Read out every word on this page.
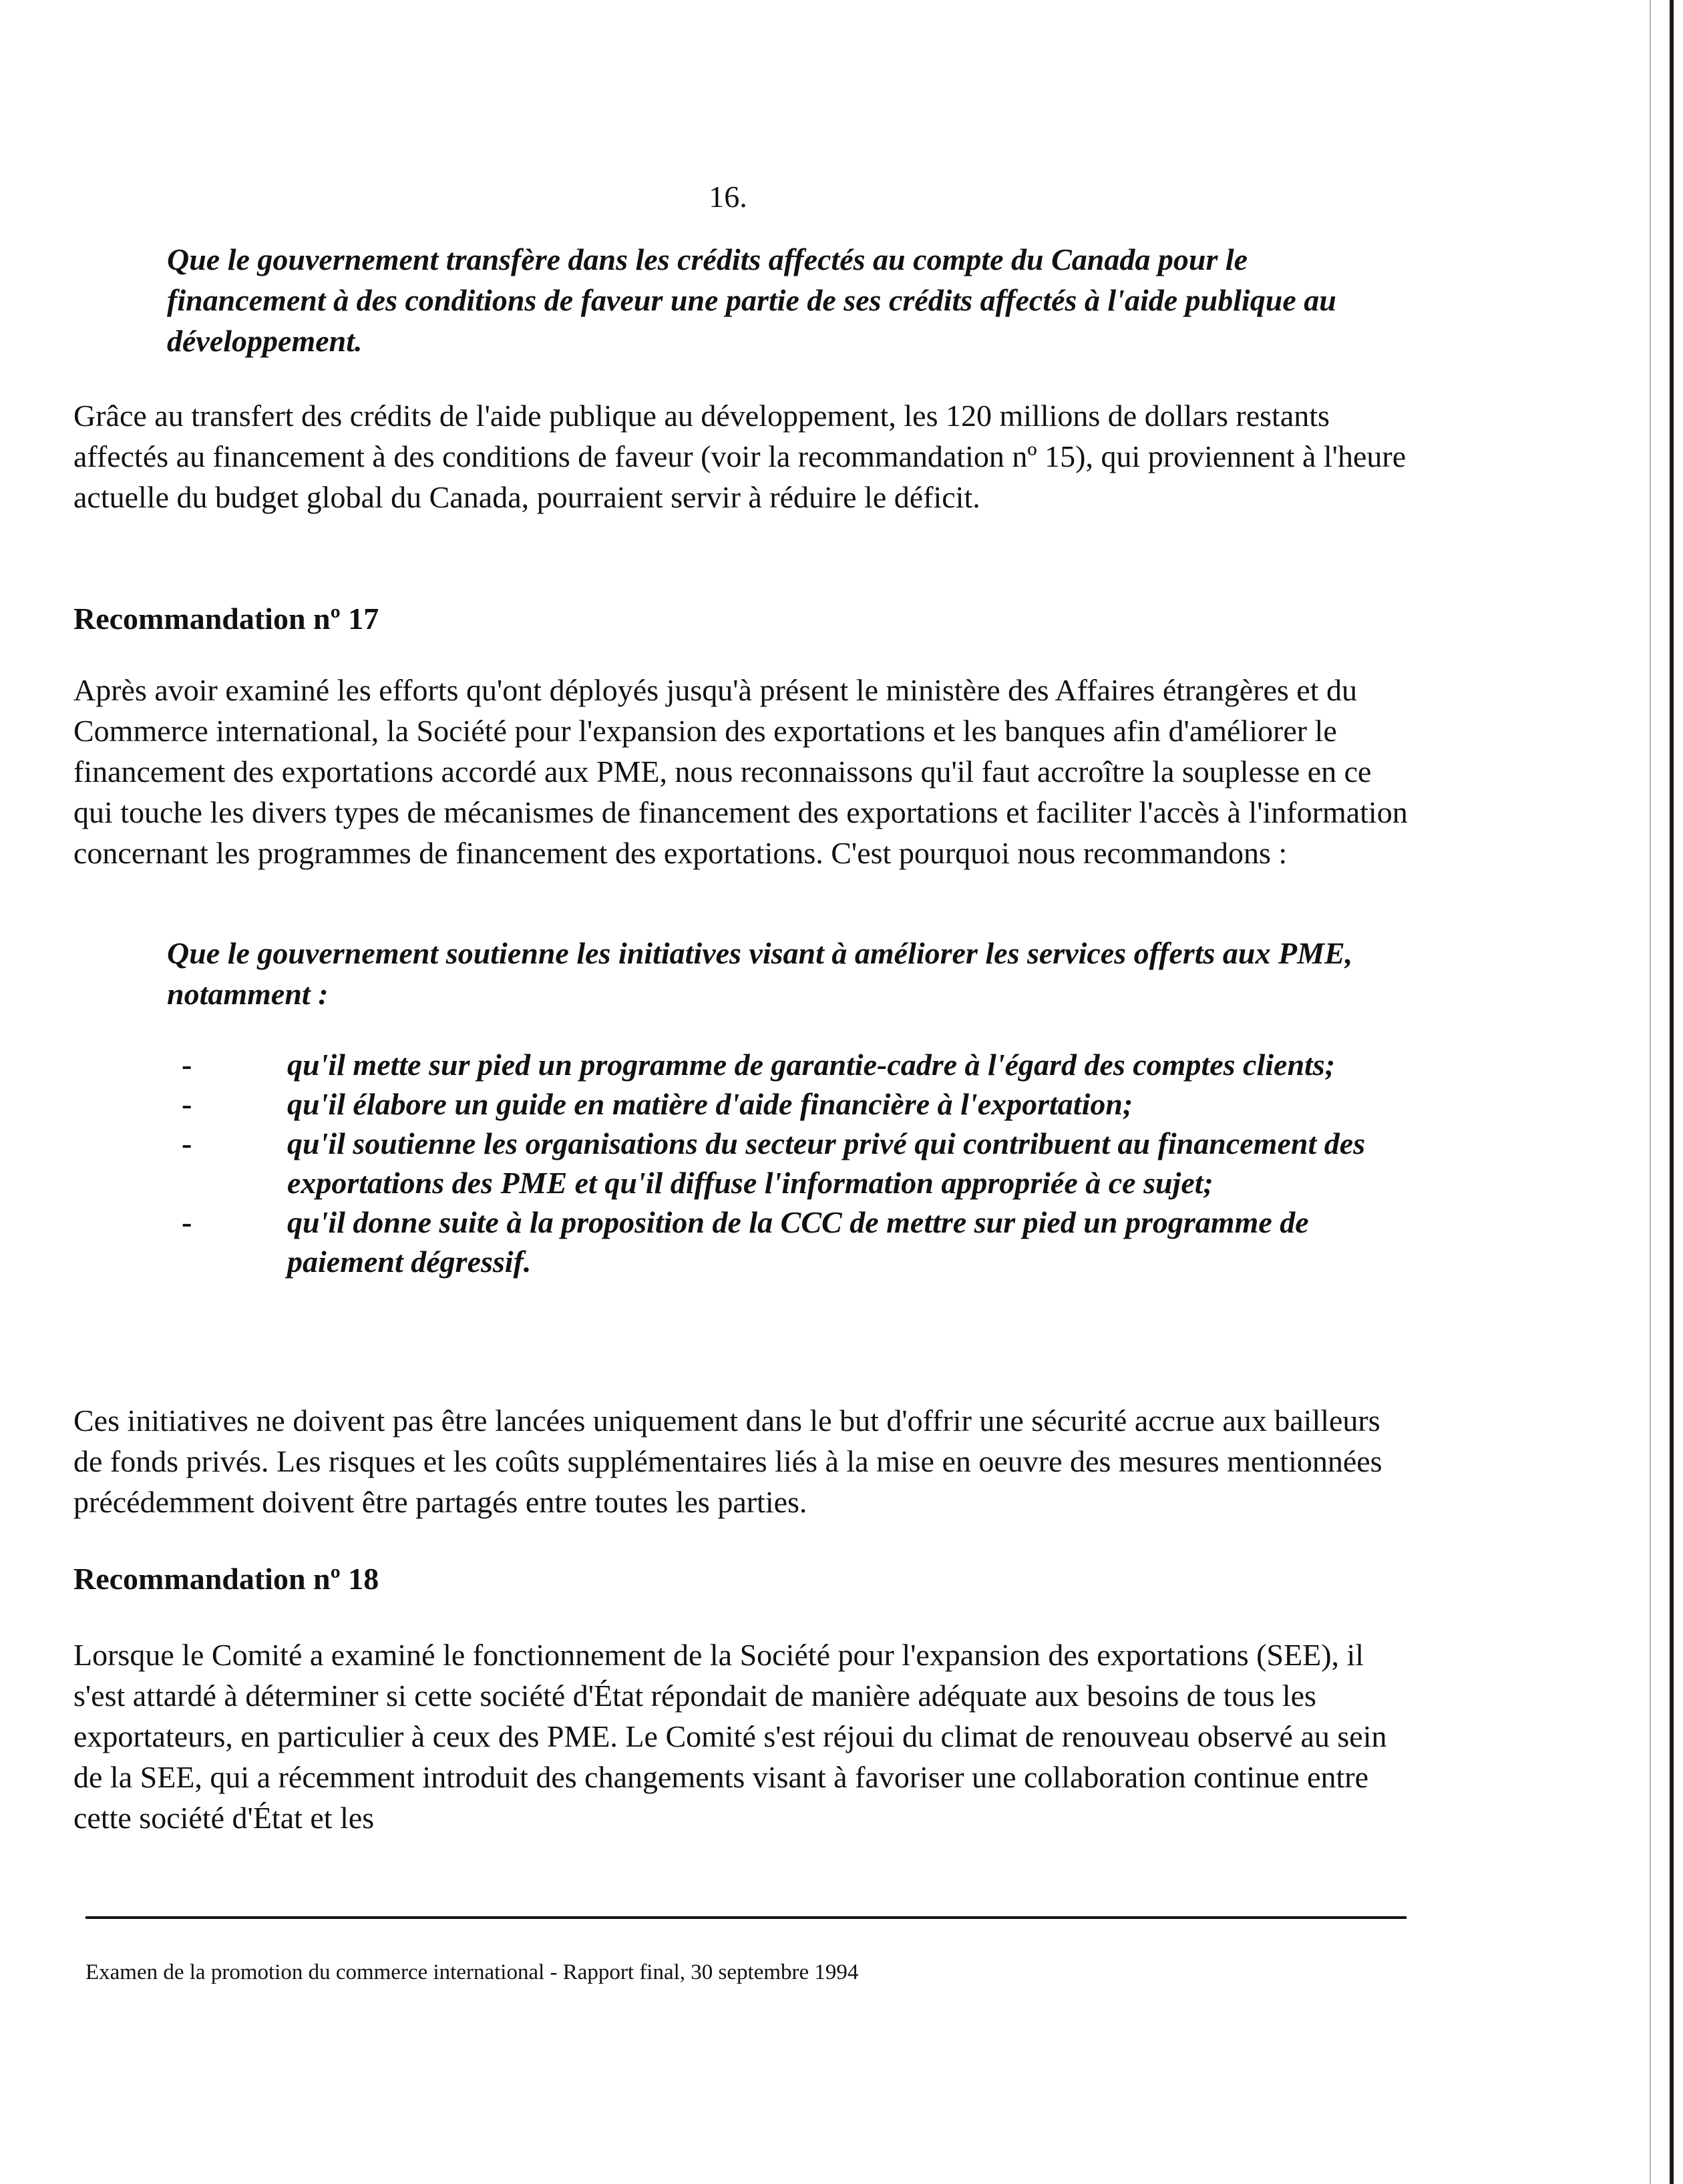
16.

Que le gouvernement transfère dans les crédits affectés au compte du Canada pour le financement à des conditions de faveur une partie de ses crédits affectés à l'aide publique au développement.

Grâce au transfert des crédits de l'aide publique au développement, les 120 millions de dollars restants affectés au financement à des conditions de faveur (voir la recommandation nº 15), qui proviennent à l'heure actuelle du budget global du Canada, pourraient servir à réduire le déficit.

Recommandation nº 17

Après avoir examiné les efforts qu'ont déployés jusqu'à présent le ministère des Affaires étrangères et du Commerce international, la Société pour l'expansion des exportations et les banques afin d'améliorer le financement des exportations accordé aux PME, nous reconnaissons qu'il faut accroître la souplesse en ce qui touche les divers types de mécanismes de financement des exportations et faciliter l'accès à l'information concernant les programmes de financement des exportations. C'est pourquoi nous recommandons :

Que le gouvernement soutienne les initiatives visant à améliorer les services offerts aux PME, notamment :

-	qu'il mette sur pied un programme de garantie-cadre à l'égard des comptes clients;
-	qu'il élabore un guide en matière d'aide financière à l'exportation;
-	qu'il soutienne les organisations du secteur privé qui contribuent au financement des exportations des PME et qu'il diffuse l'information appropriée à ce sujet;
-	qu'il donne suite à la proposition de la CCC de mettre sur pied un programme de paiement dégressif.

Ces initiatives ne doivent pas être lancées uniquement dans le but d'offrir une sécurité accrue aux bailleurs de fonds privés. Les risques et les coûts supplémentaires liés à la mise en oeuvre des mesures mentionnées précédemment doivent être partagés entre toutes les parties.

Recommandation nº 18

Lorsque le Comité a examiné le fonctionnement de la Société pour l'expansion des exportations (SEE), il s'est attardé à déterminer si cette société d'État répondait de manière adéquate aux besoins de tous les exportateurs, en particulier à ceux des PME. Le Comité s'est réjoui du climat de renouveau observé au sein de la SEE, qui a récemment introduit des changements visant à favoriser une collaboration continue entre cette société d'État et les

Examen de la promotion du commerce international - Rapport final, 30 septembre 1994
